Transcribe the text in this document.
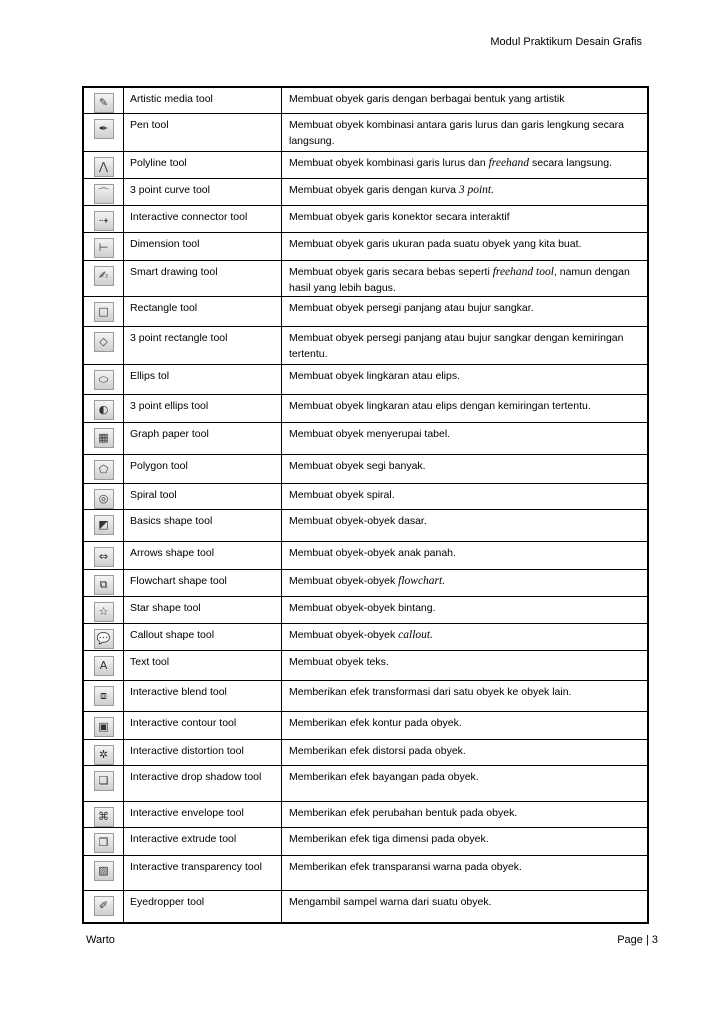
Modul Praktikum Desain Grafis
✎	Artistic media tool	Membuat obyek garis dengan berbagai bentuk yang artistik
✒	Pen tool	Membuat obyek kombinasi antara garis lurus dan garis lengkung secara langsung.
⋀	Polyline tool	Membuat obyek kombinasi garis lurus dan freehand secara langsung.
⌒	3 point curve tool	Membuat obyek garis dengan kurva 3 point.
⇢	Interactive connector tool	Membuat obyek garis konektor secara interaktif
⊢	Dimension tool	Membuat obyek garis ukuran pada suatu obyek yang kita buat.
✍	Smart drawing tool	Membuat obyek garis secara bebas seperti freehand tool, namun dengan hasil yang lebih bagus.
□	Rectangle tool	Membuat obyek persegi panjang atau bujur sangkar.
◇	3 point rectangle tool	Membuat obyek persegi panjang atau bujur sangkar dengan kemiringan tertentu.
⬭	Ellips tol	Membuat obyek lingkaran atau elips.
◐	3 point ellips tool	Membuat obyek lingkaran atau elips dengan kemiringan tertentu.
▦	Graph paper tool	Membuat obyek menyerupai tabel.
⬠	Polygon tool	Membuat obyek segi banyak.
◎	Spiral tool	Membuat obyek spiral.
◩	Basics shape tool	Membuat obyek-obyek dasar.
⇔	Arrows shape tool	Membuat obyek-obyek anak panah.
⧉	Flowchart shape tool	Membuat obyek-obyek flowchart.
☆	Star shape tool	Membuat obyek-obyek bintang.
💬	Callout shape tool	Membuat obyek-obyek callout.
A	Text tool	Membuat obyek teks.
⧈	Interactive blend tool	Memberikan efek transformasi dari satu obyek ke obyek lain.
▣	Interactive contour tool	Memberikan efek kontur pada obyek.
✲	Interactive distortion tool	Memberikan efek distorsi pada obyek.
❏	Interactive drop shadow tool	Memberikan efek bayangan pada obyek.
⌘	Interactive envelope tool	Memberikan efek perubahan bentuk pada obyek.
❒	Interactive extrude tool	Memberikan efek tiga dimensi pada obyek.
▨	Interactive transparency tool	Memberikan efek transparansi warna pada obyek.
✐	Eyedropper tool	Mengambil sampel warna dari suatu obyek.
Warto	Page | 3
